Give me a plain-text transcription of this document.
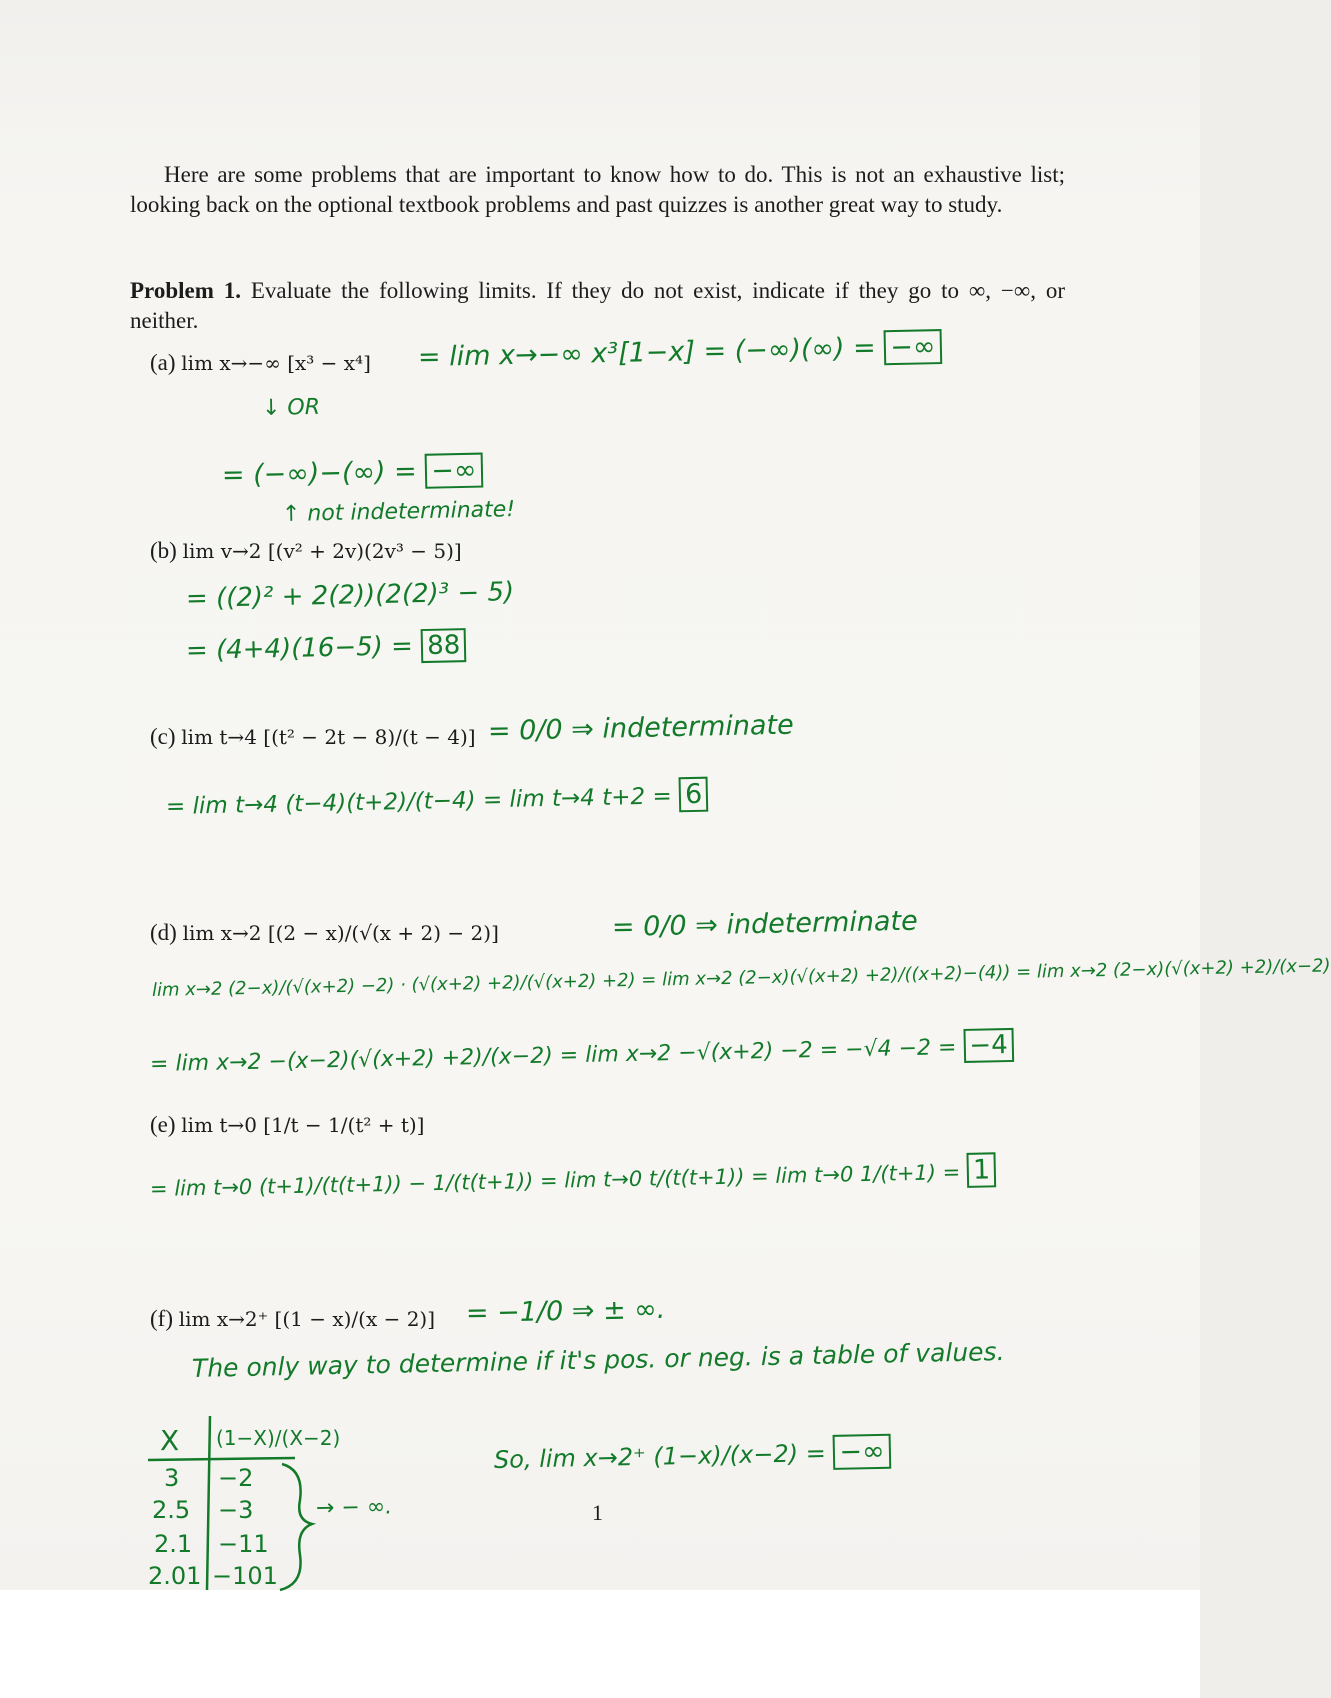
Here are some problems that are important to know how to do. This is not an exhaustive list; looking back on the optional textbook problems and past quizzes is another great way to study.
Problem 1. Evaluate the following limits. If they do not exist, indicate if they go to ∞, −∞, or neither.
(a) lim x→−∞ [x³ − x⁴] = lim x→−∞ x³[1−x] = (−∞)(∞) = −∞
↓ OR
= (−∞)−(∞) = −∞
↑ not indeterminate!
(b) lim v→2 [(v² + 2v)(2v³ − 5)]
= ((2)² + 2(2))(2(2)³ − 5)
= (4+4)(16−5) = 88
(c) lim t→4 [(t² − 2t − 8)/(t − 4)] = 0/0 ⇒ indeterminate
= lim t→4 (t−4)(t+2)/(t−4) = lim t→4 t+2 = 6
(d) lim x→2 [(2 − x)/(√(x + 2) − 2)]	= 0/0 ⇒ indeterminate
lim x→2 (2−x)/(√(x+2) −2) · (√(x+2) +2)/(√(x+2) +2) = lim x→2 (2−x)(√(x+2) +2)/((x+2)−(4)) = lim x→2 (2−x)(√(x+2) +2)/(x−2)
= lim x→2 −(x−2)(√(x+2) +2)/(x−2) = lim x→2 −√(x+2) −2 = −√4 −2 = −4
(e) lim t→0 [1/t − 1/(t² + t)]
= lim t→0 (t+1)/(t(t+1)) − 1/(t(t+1)) = lim t→0 t/(t(t+1)) = lim t→0 1/(t+1) = 1
(f) lim x→2⁺ [(1 − x)/(x − 2)] = −1/0 ⇒ ± ∞.
The only way to determine if it's pos. or neg. is a table of values.
So, lim x→2⁺ (1−x)/(x−2) = −∞
→ − ∞.
X (1−X)/(X−2)
3 −2
2.5 −3
2.1 −11
2.01 −101
1
